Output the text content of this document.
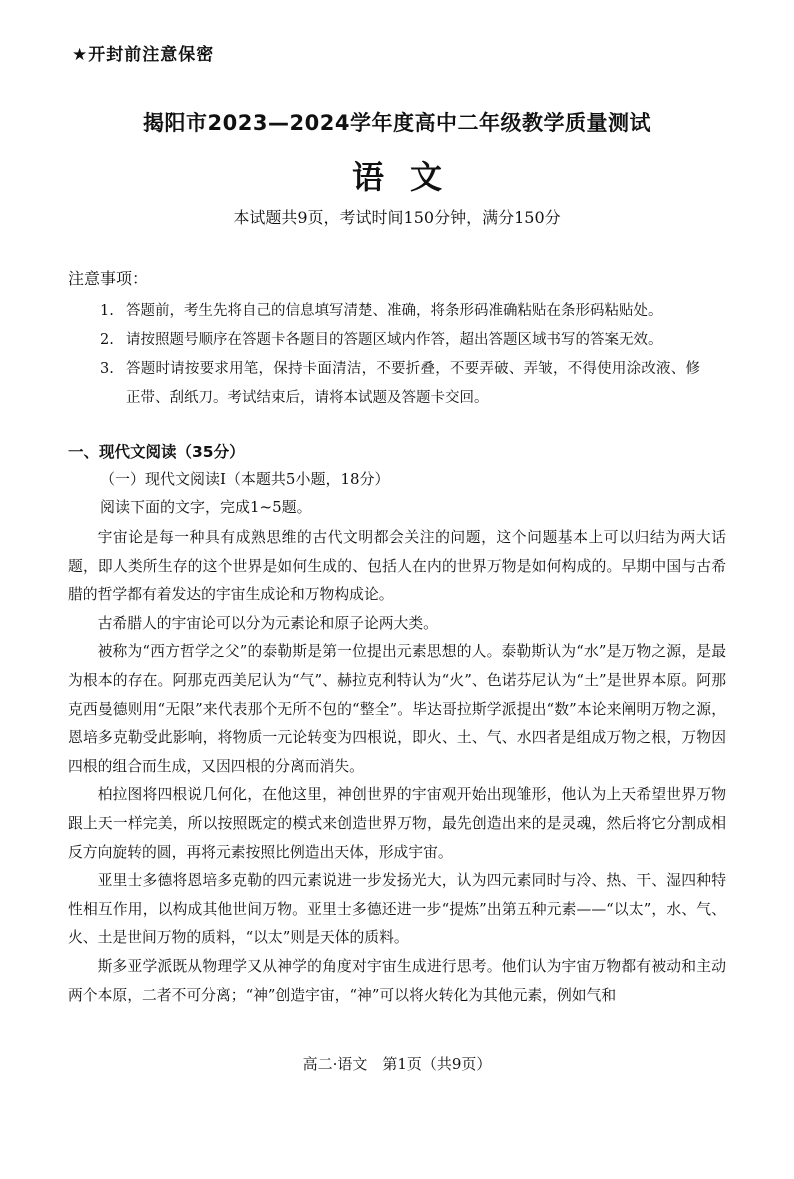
★开封前注意保密
揭阳市2023—2024学年度高中二年级教学质量测试
语文
本试题共9页，考试时间150分钟，满分150分
注意事项：
1. 答题前，考生先将自己的信息填写清楚、准确，将条形码准确粘贴在条形码粘贴处。
2. 请按照题号顺序在答题卡各题目的答题区域内作答，超出答题区域书写的答案无效。
3. 答题时请按要求用笔，保持卡面清洁，不要折叠，不要弄破、弄皱，不得使用涂改液、修正带、刮纸刀。考试结束后，请将本试题及答题卡交回。
一、现代文阅读（35分）
（一）现代文阅读Ⅰ（本题共5小题，18分）
阅读下面的文字，完成1~5题。

宇宙论是每一种具有成熟思维的古代文明都会关注的问题，这个问题基本上可以归结为两大话题，即人类所生存的这个世界是如何生成的、包括人在内的世界万物是如何构成的。早期中国与古希腊的哲学都有着发达的宇宙生成论和万物构成论。

古希腊人的宇宙论可以分为元素论和原子论两大类。

被称为“西方哲学之父”的泰勒斯是第一位提出元素思想的人。泰勒斯认为“水”是万物之源，是最为根本的存在。阿那克西美尼认为“气”、赫拉克利特认为“火”、色诺芬尼认为“土”是世界本原。阿那克西曼德则用“无限”来代表那个无所不包的“整全”。毕达哥拉斯学派提出“数”本论来阐明万物之源，恩培多克勒受此影响，将物质一元论转变为四根说，即火、土、气、水四者是组成万物之根，万物因四根的组合而生成，又因四根的分离而消失。

柏拉图将四根说几何化，在他这里，神创世界的宇宙观开始出现雏形，他认为上天希望世界万物跟上天一样完美，所以按照既定的模式来创造世界万物，最先创造出来的是灵魂，然后将它分割成相反方向旋转的圆，再将元素按照比例造出天体，形成宇宙。

亚里士多德将恩培多克勒的四元素说进一步发扬光大，认为四元素同时与冷、热、干、湿四种特性相互作用，以构成其他世间万物。亚里士多德还进一步“提炼”出第五种元素——“以太”，水、气、火、土是世间万物的质料，“以太”则是天体的质料。

斯多亚学派既从物理学又从神学的角度对宇宙生成进行思考。他们认为宇宙万物都有被动和主动两个本原，二者不可分离；“神”创造宇宙，“神”可以将火转化为其他元素，例如气和

高二·语文　第1页（共9页）
